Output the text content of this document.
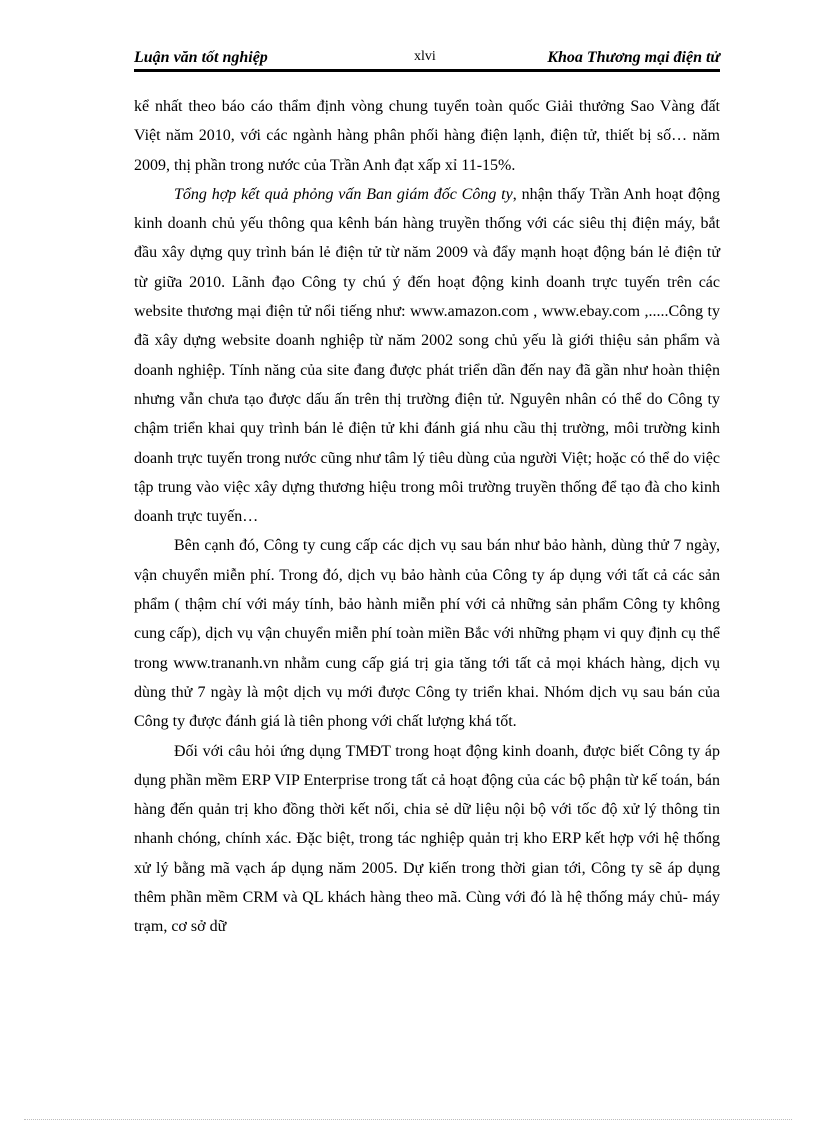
Luận văn tốt nghiệp	xlvi	Khoa Thương mại điện tử

kể nhất theo báo cáo thẩm định vòng chung tuyển toàn quốc Giải thưởng Sao Vàng đất Việt năm 2010, với các ngành hàng phân phối hàng điện lạnh, điện tử, thiết bị số… năm 2009, thị phần trong nước của Trần Anh đạt xấp xỉ 11-15%.

Tổng hợp kết quả phỏng vấn Ban giám đốc Công ty, nhận thấy Trần Anh hoạt động kinh doanh chủ yếu thông qua kênh bán hàng truyền thống với các siêu thị điện máy, bắt đầu xây dựng quy trình bán lẻ điện tử từ năm 2009 và đẩy mạnh hoạt động bán lẻ điện tử từ giữa 2010. Lãnh đạo Công ty chú ý đến hoạt động kinh doanh trực tuyến trên các website thương mại điện tử nổi tiếng như: www.amazon.com , www.ebay.com ,.....Công ty đã xây dựng website doanh nghiệp từ năm 2002 song chủ yếu là giới thiệu sản phẩm và doanh nghiệp. Tính năng của site đang được phát triển dần đến nay đã gần như hoàn thiện nhưng vẫn chưa tạo được dấu ấn trên thị trường điện tử. Nguyên nhân có thể do Công ty chậm triển khai quy trình bán lẻ điện tử khi đánh giá nhu cầu thị trường, môi trường kinh doanh trực tuyến trong nước cũng như tâm lý tiêu dùng của người Việt; hoặc có thể do việc tập trung vào việc xây dựng thương hiệu trong môi trường truyền thống để tạo đà cho kinh doanh trực tuyến…

Bên cạnh đó, Công ty cung cấp các dịch vụ sau bán như bảo hành, dùng thử 7 ngày, vận chuyển miễn phí. Trong đó, dịch vụ bảo hành của Công ty áp dụng với tất cả các sản phẩm ( thậm chí với máy tính, bảo hành miễn phí với cả những sản phẩm Công ty không cung cấp), dịch vụ vận chuyển miễn phí toàn miền Bắc với những phạm vi quy định cụ thể trong www.trananh.vn nhằm cung cấp giá trị gia tăng tới tất cả mọi khách hàng, dịch vụ dùng thử 7 ngày là một dịch vụ mới được Công ty triển khai. Nhóm dịch vụ sau bán của Công ty được đánh giá là tiên phong với chất lượng khá tốt.

Đối với câu hỏi ứng dụng TMĐT trong hoạt động kinh doanh, được biết Công ty áp dụng phần mềm ERP VIP Enterprise trong tất cả hoạt động của các bộ phận từ kế toán, bán hàng đến quản trị kho đồng thời kết nối, chia sẻ dữ liệu nội bộ với tốc độ xử lý thông tin nhanh chóng, chính xác. Đặc biệt, trong tác nghiệp quản trị kho ERP kết hợp với hệ thống xử lý bằng mã vạch áp dụng năm 2005. Dự kiến trong thời gian tới, Công ty sẽ áp dụng thêm phần mềm CRM và QL khách hàng theo mã. Cùng với đó là hệ thống máy chủ- máy trạm, cơ sở dữ
